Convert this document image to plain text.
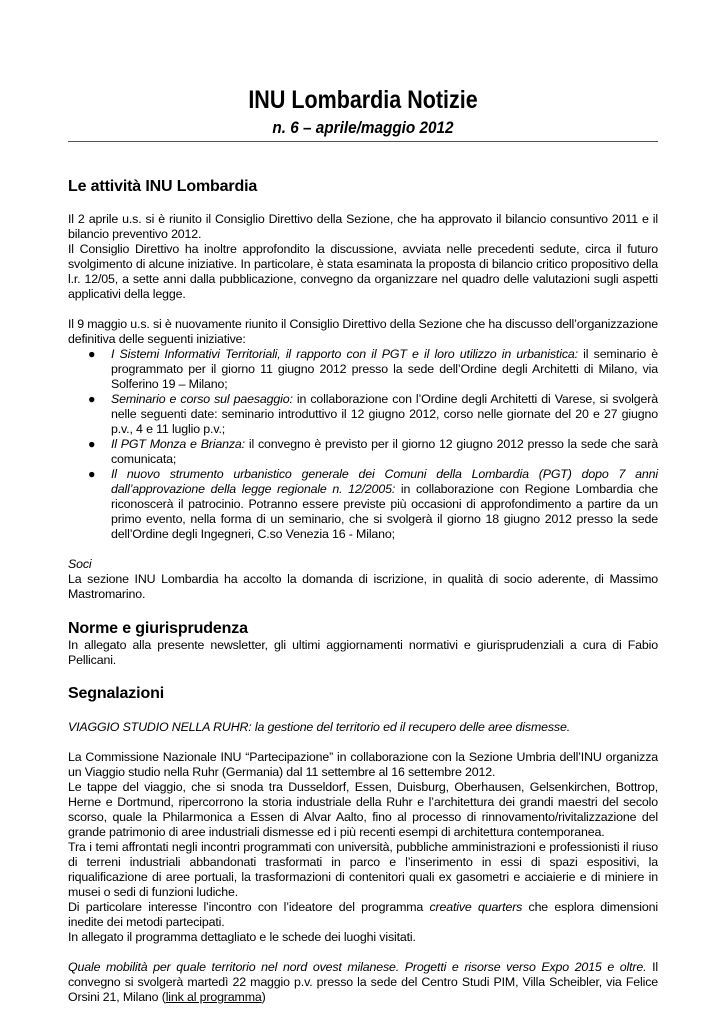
INU Lombardia Notizie
n. 6 – aprile/maggio 2012
Le attività INU Lombardia

Il 2 aprile u.s. si è riunito il Consiglio Direttivo della Sezione, che ha approvato il bilancio consuntivo 2011 e il bilancio preventivo 2012.

Il Consiglio Direttivo ha inoltre approfondito la discussione, avviata nelle precedenti sedute, circa il futuro svolgimento di alcune iniziative. In particolare, è stata esaminata la proposta di bilancio critico propositivo della l.r. 12/05, a sette anni dalla pubblicazione, convegno da organizzare nel quadro delle valutazioni sugli aspetti applicativi della legge.

Il 9 maggio u.s. si è nuovamente riunito il Consiglio Direttivo della Sezione che ha discusso dell’organizzazione definitiva delle seguenti iniziative:

● I Sistemi Informativi Territoriali, il rapporto con il PGT e il loro utilizzo in urbanistica: il seminario è programmato per il giorno 11 giugno 2012 presso la sede dell’Ordine degli Architetti di Milano, via Solferino 19 – Milano;
● Seminario e corso sul paesaggio: in collaborazione con l’Ordine degli Architetti di Varese, si svolgerà nelle seguenti date: seminario introduttivo il 12 giugno 2012, corso nelle giornate del 20 e 27 giugno p.v., 4 e 11 luglio p.v.;
● Il PGT Monza e Brianza: il convegno è previsto per il giorno 12 giugno 2012 presso la sede che sarà comunicata;
● Il nuovo strumento urbanistico generale dei Comuni della Lombardia (PGT) dopo 7 anni dall’approvazione della legge regionale n. 12/2005: in collaborazione con Regione Lombardia che riconoscerà il patrocinio. Potranno essere previste più occasioni di approfondimento a partire da un primo evento, nella forma di un seminario, che si svolgerà il giorno 18 giugno 2012 presso la sede dell’Ordine degli Ingegneri, C.so Venezia 16 - Milano;

Soci

La sezione INU Lombardia ha accolto la domanda di iscrizione, in qualità di socio aderente, di Massimo Mastromarino.

Norme e giurisprudenza

In allegato alla presente newsletter, gli ultimi aggiornamenti normativi e giurisprudenziali a cura di Fabio Pellicani.

Segnalazioni

VIAGGIO STUDIO NELLA RUHR: la gestione del territorio ed il recupero delle aree dismesse.

La Commissione Nazionale INU “Partecipazione” in collaborazione con la Sezione Umbria dell’INU organizza un Viaggio studio nella Ruhr (Germania) dal 11 settembre al 16 settembre 2012.

Le tappe del viaggio, che si snoda tra Dusseldorf, Essen, Duisburg, Oberhausen, Gelsenkirchen, Bottrop, Herne e Dortmund, ripercorrono la storia industriale della Ruhr e l’architettura dei grandi maestri del secolo scorso, quale la Philarmonica a Essen di Alvar Aalto, fino al processo di rinnovamento/rivitalizzazione del grande patrimonio di aree industriali dismesse ed i più recenti esempi di architettura contemporanea.

Tra i temi affrontati negli incontri programmati con università, pubbliche amministrazioni e professionisti il riuso di terreni industriali abbandonati trasformati in parco e l’inserimento in essi di spazi espositivi, la riqualificazione di aree portuali, la trasformazioni di contenitori quali ex gasometri e acciaierie e di miniere in musei o sedi di funzioni ludiche.

Di particolare interesse l’incontro con l’ideatore del programma creative quarters che esplora dimensioni inedite dei metodi partecipati.

In allegato il programma dettagliato e le schede dei luoghi visitati.

Quale mobilità per quale territorio nel nord ovest milanese. Progetti e risorse verso Expo 2015 e oltre. Il convegno si svolgerà martedì 22 maggio p.v. presso la sede del Centro Studi PIM, Villa Scheibler, via Felice Orsini 21, Milano (link al programma)
